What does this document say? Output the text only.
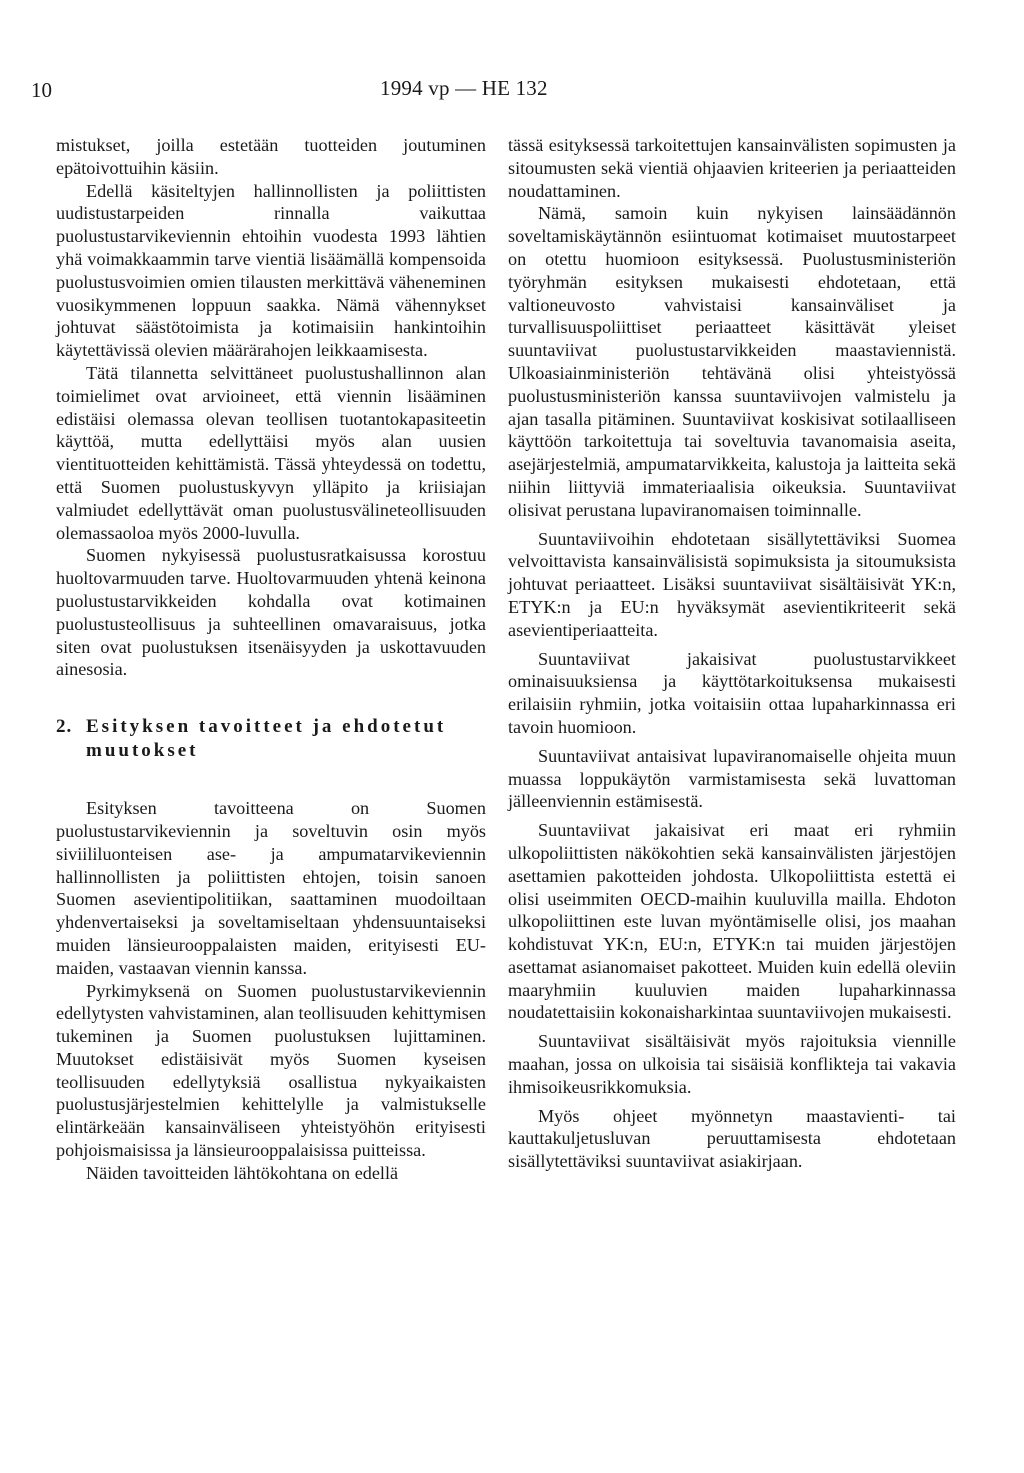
10	1994 vp — HE 132

mistukset, joilla estetään tuotteiden joutuminen epätoivottuihin käsiin.

Edellä käsiteltyjen hallinnollisten ja poliittisten uudistustarpeiden rinnalla vaikuttaa puolustustarvikeviennin ehtoihin vuodesta 1993 lähtien yhä voimakkaammin tarve vientiä lisäämällä kompensoida puolustusvoimien omien tilausten merkittävä väheneminen vuosikymmenen loppuun saakka. Nämä vähennykset johtuvat säästötoimista ja kotimaisiin hankintoihin käytettävissä olevien määrärahojen leikkaamisesta.

Tätä tilannetta selvittäneet puolustushallinnon alan toimielimet ovat arvioineet, että viennin lisääminen edistäisi olemassa olevan teollisen tuotantokapasiteetin käyttöä, mutta edellyttäisi myös alan uusien vientituotteiden kehittämistä. Tässä yhteydessä on todettu, että Suomen puolustuskyvyn ylläpito ja kriisiajan valmiudet edellyttävät oman puolustusvälineteollisuuden olemassaoloa myös 2000-luvulla.

Suomen nykyisessä puolustusratkaisussa korostuu huoltovarmuuden tarve. Huoltovarmuuden yhtenä keinona puolustustarvikkeiden kohdalla ovat kotimainen puolustusteollisuus ja suhteellinen omavaraisuus, jotka siten ovat puolustuksen itsenäisyyden ja uskottavuuden ainesosia.

2. Esityksen tavoitteet ja ehdotetut muutokset

Esityksen tavoitteena on Suomen puolustustarvikeviennin ja soveltuvin osin myös siviililuonteisen ase- ja ampumatarvikeviennin hallinnollisten ja poliittisten ehtojen, toisin sanoen Suomen asevientipolitiikan, saattaminen muodoiltaan yhdenvertaiseksi ja soveltamiseltaan yhdensuuntaiseksi muiden länsieurooppalaisten maiden, erityisesti EU-maiden, vastaavan viennin kanssa.

Pyrkimyksenä on Suomen puolustustarvikeviennin edellytysten vahvistaminen, alan teollisuuden kehittymisen tukeminen ja Suomen puolustuksen lujittaminen. Muutokset edistäisivät myös Suomen kyseisen teollisuuden edellytyksiä osallistua nykyaikaisten puolustusjärjestelmien kehittelylle ja valmistukselle elintärkeään kansainväliseen yhteistyöhön erityisesti pohjoismaisissa ja länsieurooppalaisissa puitteissa.

Näiden tavoitteiden lähtökohtana on edellä

tässä esityksessä tarkoitettujen kansainvälisten sopimusten ja sitoumusten sekä vientiä ohjaavien kriteerien ja periaatteiden noudattaminen.

Nämä, samoin kuin nykyisen lainsäädännön soveltamiskäytännön esiintuomat kotimaiset muutostarpeet on otettu huomioon esityksessä. Puolustusministeriön työryhmän esityksen mukaisesti ehdotetaan, että valtioneuvosto vahvistaisi kansainväliset ja turvallisuuspoliittiset periaatteet käsittävät yleiset suuntaviivat puolustustarvikkeiden maastaviennistä. Ulkoasiainministeriön tehtävänä olisi yhteistyössä puolustusministeriön kanssa suuntaviivojen valmistelu ja ajan tasalla pitäminen. Suuntaviivat koskisivat sotilaalliseen käyttöön tarkoitettuja tai soveltuvia tavanomaisia aseita, asejärjestelmiä, ampumatarvikkeita, kalustoja ja laitteita sekä niihin liittyviä immateriaalisia oikeuksia. Suuntaviivat olisivat perustana lupaviranomaisen toiminnalle.

Suuntaviivoihin ehdotetaan sisällytettäviksi Suomea velvoittavista kansainvälisistä sopimuksista ja sitoumuksista johtuvat periaatteet. Lisäksi suuntaviivat sisältäisivät YK:n, ETYK:n ja EU:n hyväksymät asevientikriteerit sekä asevientiperiaatteita.

Suuntaviivat jakaisivat puolustustarvikkeet ominaisuuksiensa ja käyttötarkoituksensa mukaisesti erilaisiin ryhmiin, jotka voitaisiin ottaa lupaharkinnassa eri tavoin huomioon.

Suuntaviivat antaisivat lupaviranomaiselle ohjeita muun muassa loppukäytön varmistamisesta sekä luvattoman jälleenviennin estämisestä.

Suuntaviivat jakaisivat eri maat eri ryhmiin ulkopoliittisten näkökohtien sekä kansainvälisten järjestöjen asettamien pakotteiden johdosta. Ulkopoliittista estettä ei olisi useimmiten OECD-maihin kuuluvilla mailla. Ehdoton ulkopoliittinen este luvan myöntämiselle olisi, jos maahan kohdistuvat YK:n, EU:n, ETYK:n tai muiden järjestöjen asettamat asianomaiset pakotteet. Muiden kuin edellä oleviin maaryhmiin kuuluvien maiden lupaharkinnassa noudatettaisiin kokonaisharkintaa suuntaviivojen mukaisesti.

Suuntaviivat sisältäisivät myös rajoituksia viennille maahan, jossa on ulkoisia tai sisäisiä konflikteja tai vakavia ihmisoikeusrikkomuksia.

Myös ohjeet myönnetyn maastavienti- tai kauttakuljetusluvan peruuttamisesta ehdotetaan sisällytettäviksi suuntaviivat asiakirjaan.
